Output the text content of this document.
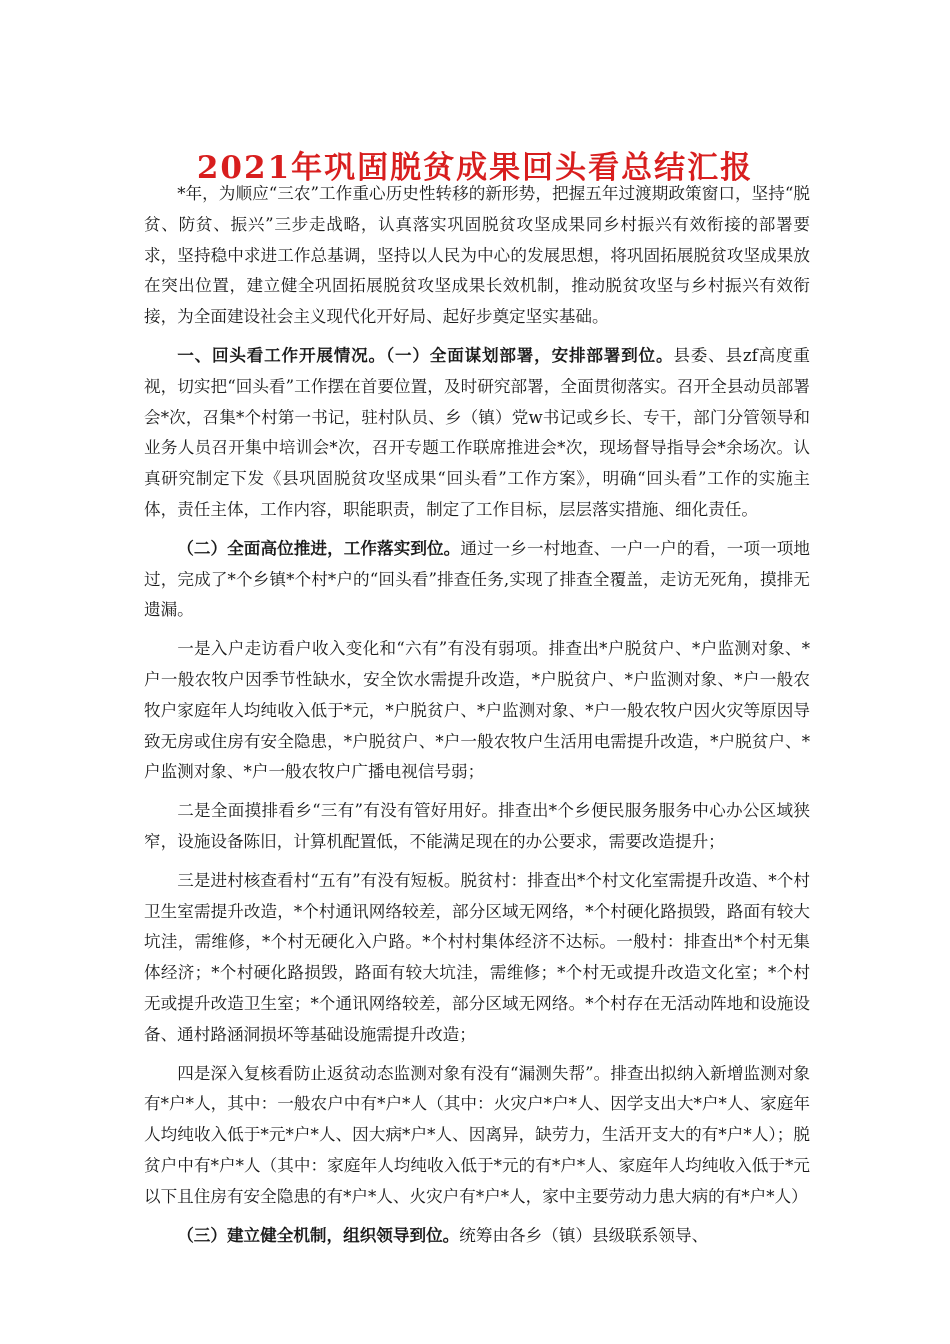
2021年巩固脱贫成果回头看总结汇报

*年，为顺应“三农”工作重心历史性转移的新形势，把握五年过渡期政策窗口，坚持“脱贫、防贫、振兴”三步走战略，认真落实巩固脱贫攻坚成果同乡村振兴有效衔接的部署要求，坚持稳中求进工作总基调，坚持以人民为中心的发展思想，将巩固拓展脱贫攻坚成果放在突出位置，建立健全巩固拓展脱贫攻坚成果长效机制，推动脱贫攻坚与乡村振兴有效衔接，为全面建设社会主义现代化开好局、起好步奠定坚实基础。

一、回头看工作开展情况。（一）全面谋划部署，安排部署到位。县委、县zf高度重视，切实把“回头看”工作摆在首要位置，及时研究部署，全面贯彻落实。召开全县动员部署会*次，召集*个村第一书记，驻村队员、乡（镇）党w书记或乡长、专干，部门分管领导和业务人员召开集中培训会*次，召开专题工作联席推进会*次，现场督导指导会*余场次。认真研究制定下发《县巩固脱贫攻坚成果“回头看”工作方案》，明确“回头看”工作的实施主体，责任主体，工作内容，职能职责，制定了工作目标，层层落实措施、细化责任。

（二）全面高位推进，工作落实到位。通过一乡一村地查、一户一户的看，一项一项地过，完成了*个乡镇*个村*户的“回头看”排查任务,实现了排查全覆盖，走访无死角，摸排无遗漏。

一是入户走访看户收入变化和“六有”有没有弱项。排查出*户脱贫户、*户监测对象、*户一般农牧户因季节性缺水，安全饮水需提升改造，*户脱贫户、*户监测对象、*户一般农牧户家庭年人均纯收入低于*元，*户脱贫户、*户监测对象、*户一般农牧户因火灾等原因导致无房或住房有安全隐患，*户脱贫户、*户一般农牧户生活用电需提升改造，*户脱贫户、*户监测对象、*户一般农牧户广播电视信号弱；

二是全面摸排看乡“三有”有没有管好用好。排查出*个乡便民服务服务中心办公区域狭窄，设施设备陈旧，计算机配置低，不能满足现在的办公要求，需要改造提升；

三是进村核查看村“五有”有没有短板。脱贫村：排查出*个村文化室需提升改造、*个村卫生室需提升改造，*个村通讯网络较差，部分区域无网络，*个村硬化路损毁，路面有较大坑洼，需维修，*个村无硬化入户路。*个村村集体经济不达标。一般村：排查出*个村无集体经济；*个村硬化路损毁，路面有较大坑洼，需维修；*个村无或提升改造文化室；*个村无或提升改造卫生室；*个通讯网络较差，部分区域无网络。*个村存在无活动阵地和设施设备、通村路涵洞损坏等基础设施需提升改造；

四是深入复核看防止返贫动态监测对象有没有“漏测失帮”。排查出拟纳入新增监测对象有*户*人，其中：一般农户中有*户*人（其中：火灾户*户*人、因学支出大*户*人、家庭年人均纯收入低于*元*户*人、因大病*户*人、因离异，缺劳力，生活开支大的有*户*人）；脱贫户中有*户*人（其中：家庭年人均纯收入低于*元的有*户*人、家庭年人均纯收入低于*元以下且住房有安全隐患的有*户*人、火灾户有*户*人，家中主要劳动力患大病的有*户*人）

（三）建立健全机制，组织领导到位。统筹由各乡（镇）县级联系领导、
